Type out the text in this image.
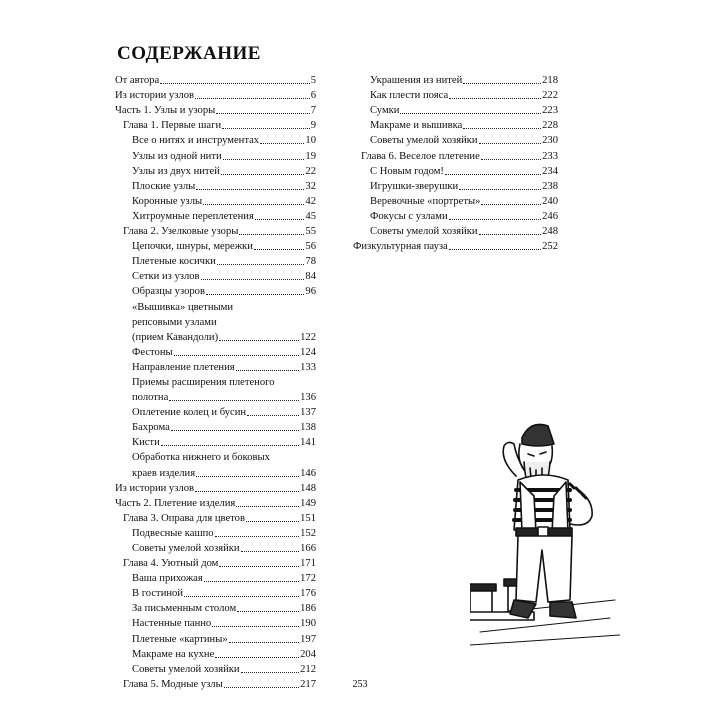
СОДЕРЖАНИЕ
От автора	5
Из истории узлов	6
Часть 1. Узлы и узоры	7
Глава 1. Первые шаги	9
Все о нитях и инструментах	10
Узлы из одной нити	19
Узлы из двух нитей	22
Плоские узлы	32
Коронные узлы	42
Хитроумные переплетения	45
Глава 2. Узелковые узоры	55
Цепочки, шнуры, мережки	56
Плетеные косички	78
Сетки из узлов	84
Образцы узоров	96
«Вышивка» цветными
репсовыми узлами
(прием Кавандоли)	122
Фестоны	124
Направление плетения	133
Приемы расширения плетеного
полотна	136
Оплетение колец и бусин	137
Бахрома	138
Кисти	141
Обработка нижнего и боковых
краев изделия	146
Из истории узлов	148
Часть 2. Плетение изделия	149
Глава 3. Оправа для цветов	151
Подвесные кашпо	152
Советы умелой хозяйки	166
Глава 4. Уютный дом	171
Ваша прихожая	172
В гостиной	176
За письменным столом	186
Настенные панно	190
Плетеные «картины»	197
Макраме на кухне	204
Советы умелой хозяйки	212
Глава 5. Модные узлы	217
Украшения из нитей	218
Как плести пояса	222
Сумки	223
Макраме и вышивка	228
Советы умелой хозяйки	230
Глава 6. Веселое плетение	233
С Новым годом!	234
Игрушки-зверушки	238
Веревочные «портреты»	240
Фокусы с узлами	246
Советы умелой хозяйки	248
Физкультурная пауза	252
253
